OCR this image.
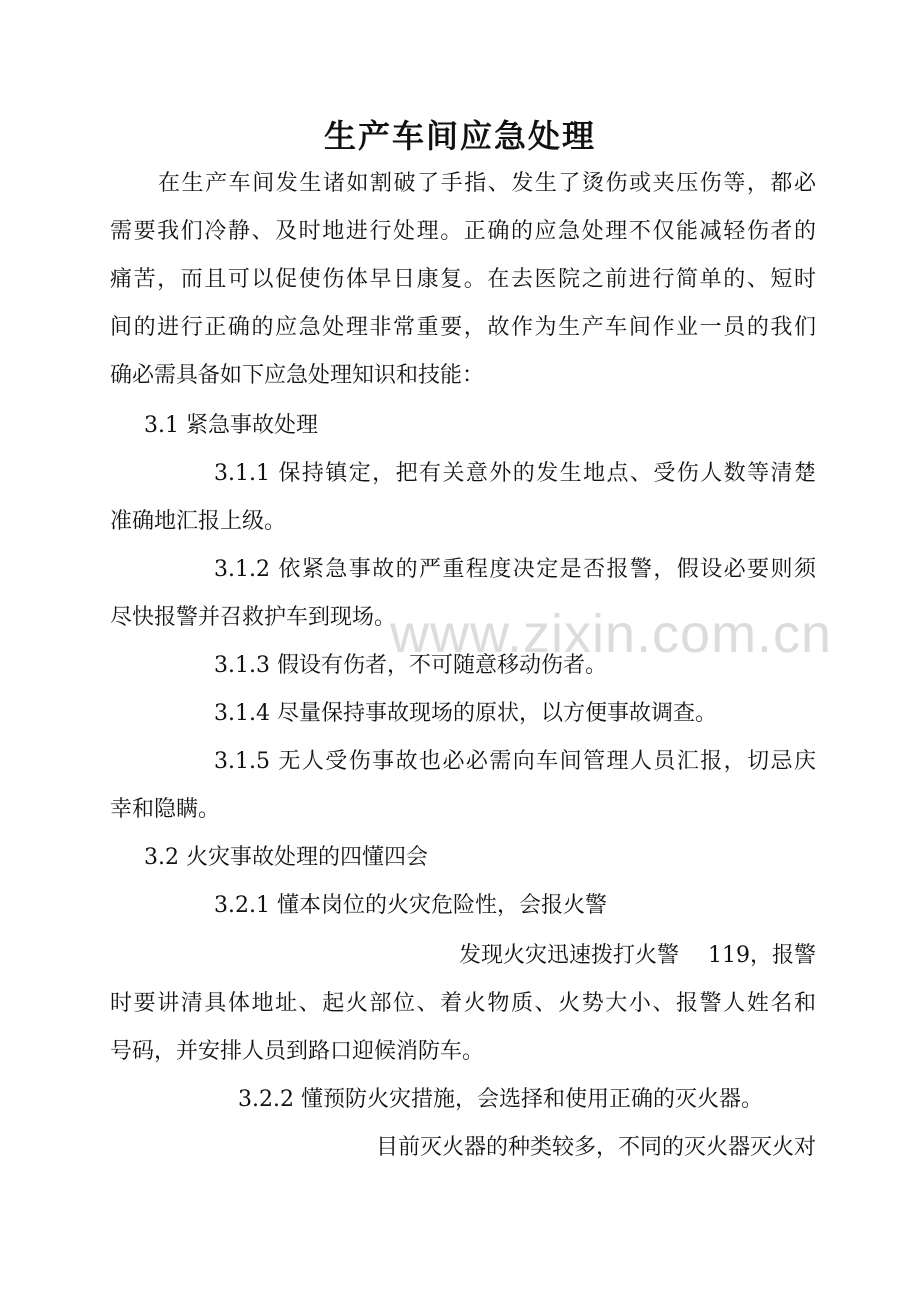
生产车间应急处理
在生产车间发生诸如割破了手指、发生了烫伤或夹压伤等，都必
需要我们冷静、及时地进行处理。正确的应急处理不仅能减轻伤者的
痛苦，而且可以促使伤体早日康复。在去医院之前进行简单的、短时
间的进行正确的应急处理非常重要，故作为生产车间作业一员的我们
确必需具备如下应急处理知识和技能：
3.1 紧急事故处理
3.1.1 保持镇定，把有关意外的发生地点、受伤人数等清楚
准确地汇报上级。
3.1.2 依紧急事故的严重程度决定是否报警，假设必要则须
尽快报警并召救护车到现场。
3.1.3 假设有伤者，不可随意移动伤者。
3.1.4 尽量保持事故现场的原状，以方便事故调查。
3.1.5 无人受伤事故也必必需向车间管理人员汇报，切忌庆
幸和隐瞒。
3.2 火灾事故处理的四懂四会
3.2.1 懂本岗位的火灾危险性，会报火警
发现火灾迅速拨打火警　 119，报警
时要讲清具体地址、起火部位、着火物质、火势大小、报警人姓名和
号码，并安排人员到路口迎候消防车。
3.2.2 懂预防火灾措施，会选择和使用正确的灭火器。
目前灭火器的种类较多，不同的灭火器灭火对
www.zixin.com.cn
